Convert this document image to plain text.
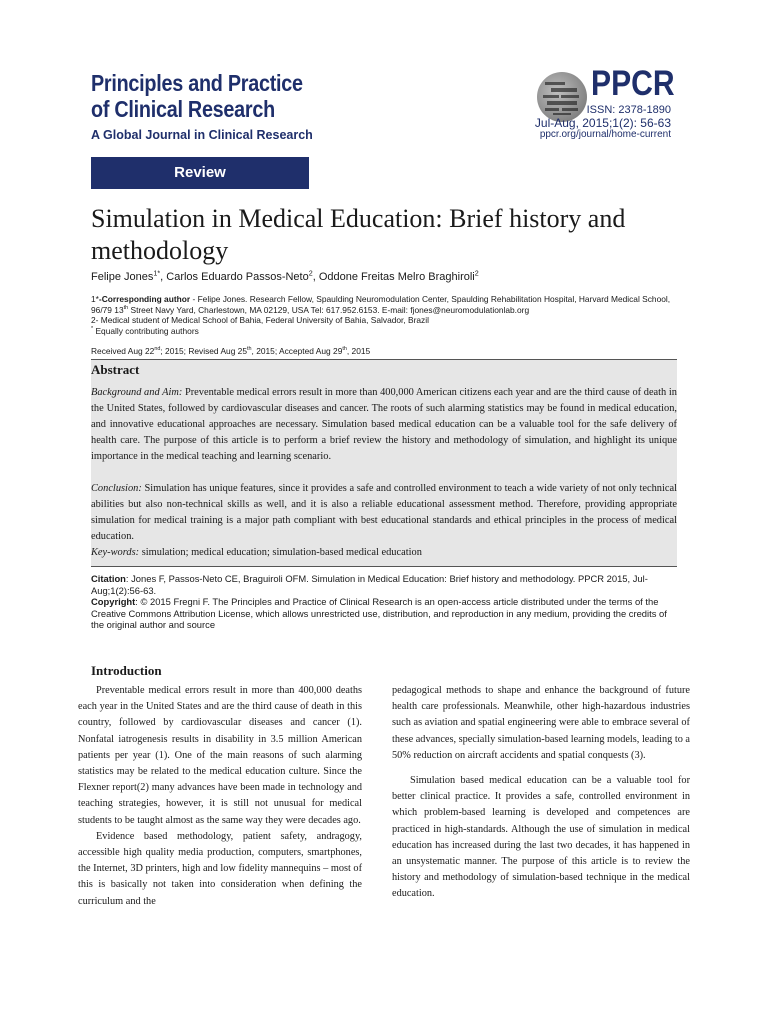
Principles and Practice
of Clinical Research
A Global Journal in Clinical Research
PPCR
ISSN: 2378-1890
Jul-Aug, 2015;1(2): 56-63
ppcr.org/journal/home-current
Review
Simulation in Medical Education: Brief history and methodology
Felipe Jones$^{1*}$, Carlos Eduardo Passos-Neto$^2$, Oddone Freitas Melro Braghiroli$^2$
1*-Corresponding author - Felipe Jones. Research Fellow, Spaulding Neuromodulation Center, Spaulding Rehabilitation Hospital, Harvard Medical School, 96/79 13th Street Navy Yard, Charlestown, MA 02129, USA Tel: 617.952.6153. E-mail: fjones@neuromodulationlab.org
2- Medical student of Medical School of Bahia, Federal University of Bahia, Salvador, Brazil
* Equally contributing authors
Received Aug 22nd; 2015; Revised Aug 25th, 2015; Accepted Aug 29th, 2015
Abstract
Background and Aim: Preventable medical errors result in more than 400,000 American citizens each year and are the third cause of death in the United States, followed by cardiovascular diseases and cancer. The roots of such alarming statistics may be found in medical education, and innovative educational approaches are necessary. Simulation based medical education can be a valuable tool for the safe delivery of health care. The purpose of this article is to perform a brief review the history and methodology of simulation, and highlight its unique importance in the medical teaching and learning scenario.
Conclusion: Simulation has unique features, since it provides a safe and controlled environment to teach a wide variety of not only technical abilities but also non-technical skills as well, and it is also a reliable educational assessment method. Therefore, providing appropriate simulation for medical training is a major path compliant with best educational standards and ethical principles in the process of medical education.
Key-words: simulation; medical education; simulation-based medical education
Citation: Jones F, Passos-Neto CE, Braguiroli OFM. Simulation in Medical Education: Brief history and methodology. PPCR 2015, Jul-Aug;1(2):56-63.
Copyright: © 2015 Fregni F. The Principles and Practice of Clinical Research is an open-access article distributed under the terms of the Creative Commons Attribution License, which allows unrestricted use, distribution, and reproduction in any medium, providing the credits of the original author and source
Introduction

Preventable medical errors result in more than 400,000 deaths each year in the United States and are the third cause of death in this country, followed by cardiovascular diseases and cancer (1). Nonfatal iatrogenesis results in disability in 3.5 million American patients per year (1). One of the main reasons of such alarming statistics may be related to the medical education culture. Since the Flexner report(2) many advances have been made in technology and teaching strategies, however, it is still not unusual for medical students to be taught almost as the same way they were decades ago.

Evidence based methodology, patient safety, andragogy, accessible high quality media production, computers, smartphones, the Internet, 3D printers, high and low fidelity mannequins – most of this is basically not taken into consideration when defining the curriculum and the

pedagogical methods to shape and enhance the background of future health care professionals. Meanwhile, other high-hazardous industries such as aviation and spatial engineering were able to embrace several of these advances, specially simulation-based learning models, leading to a 50% reduction on aircraft accidents and spatial conquests (3).

Simulation based medical education can be a valuable tool for better clinical practice. It provides a safe, controlled environment in which problem-based learning is developed and competences are practiced in high-standards. Although the use of simulation in medical education has increased during the last two decades, it has happened in an unsystematic manner. The purpose of this article is to review the history and methodology of simulation-based technique in the medical education.
